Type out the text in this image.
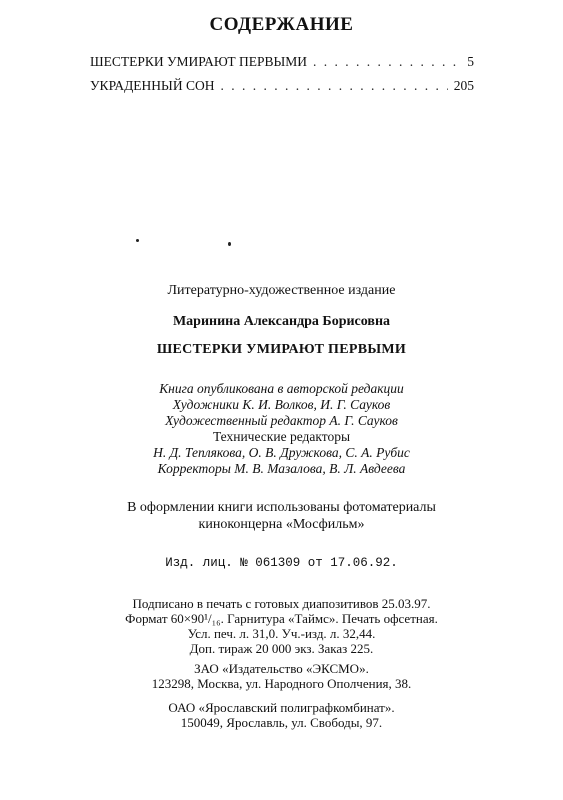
СОДЕРЖАНИЕ
ШЕСТЕРКИ УМИРАЮТ ПЕРВЫМИ . . .	5
УКРАДЕННЫЙ СОН . . .	205
Литературно-художественное издание
Маринина Александра Борисовна
ШЕСТЕРКИ УМИРАЮТ ПЕРВЫМИ
Книга опубликована в авторской редакции
Художники К. И. Волков, И. Г. Сауков
Художественный редактор А. Г. Сауков
Технические редакторы
Н. Д. Теплякова, О. В. Дружкова, С. А. Рубис
Корректоры М. В. Мазалова, В. Л. Авдеева
В оформлении книги использованы фотоматериалы
киноконцерна «Мосфильм»
Изд. лиц. № 061309 от 17.06.92.
Подписано в печать с готовых диапозитивов 25.03.97.
Формат 60×90¹/₁₆. Гарнитура «Таймс». Печать офсетная.
Усл. печ. л. 31,0. Уч.-изд. л. 32,44.
Доп. тираж 20 000 экз. Заказ 225.
ЗАО «Издательство «ЭКСМО».
123298, Москва, ул. Народного Ополчения, 38.
ОАО «Ярославский полиграфкомбинат».
150049, Ярославль, ул. Свободы, 97.
